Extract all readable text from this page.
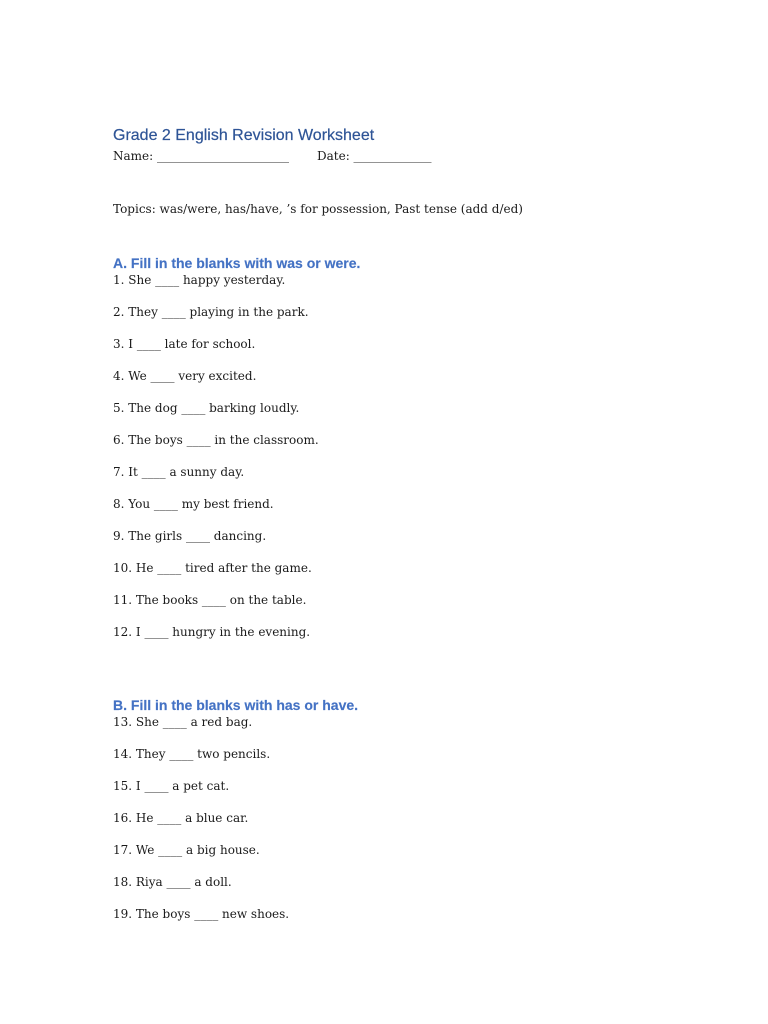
Grade 2 English Revision Worksheet
Name: ______________________	Date: _____________
Topics: was/were, has/have, ’s for possession, Past tense (add d/ed)
A. Fill in the blanks with was or were.
1. She ____ happy yesterday.
2. They ____ playing in the park.
3. I ____ late for school.
4. We ____ very excited.
5. The dog ____ barking loudly.
6. The boys ____ in the classroom.
7. It ____ a sunny day.
8. You ____ my best friend.
9. The girls ____ dancing.
10. He ____ tired after the game.
11. The books ____ on the table.
12. I ____ hungry in the evening.
B. Fill in the blanks with has or have.
13. She ____ a red bag.
14. They ____ two pencils.
15. I ____ a pet cat.
16. He ____ a blue car.
17. We ____ a big house.
18. Riya ____ a doll.
19. The boys ____ new shoes.
